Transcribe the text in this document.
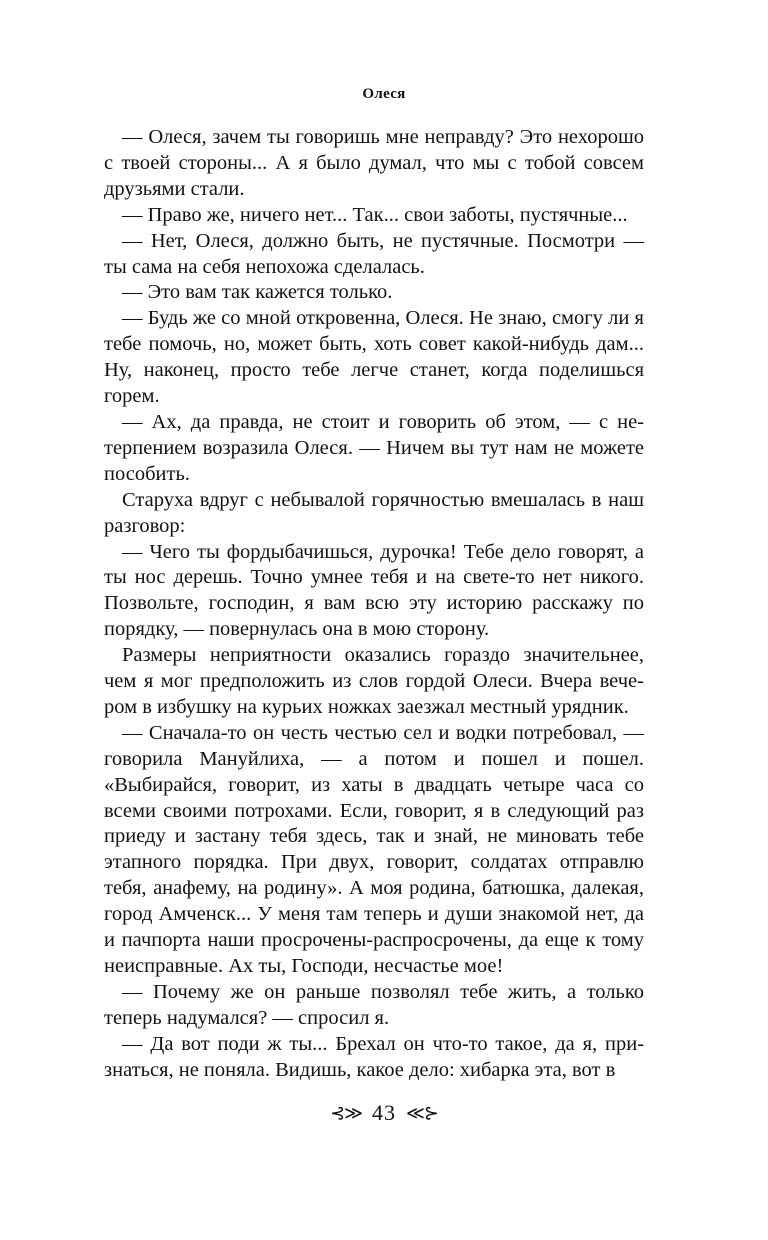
Олеся

— Олеся, зачем ты говоришь мне неправду? Это нехорошо с твоей стороны... А я было думал, что мы с тобой совсем друзьями стали.

— Право же, ничего нет... Так... свои заботы, пустячные...

— Нет, Олеся, должно быть, не пустячные. Посмотри — ты сама на себя непохожа сделалась.

— Это вам так кажется только.

— Будь же со мной откровенна, Олеся. Не знаю, смогу ли я тебе помочь, но, может быть, хоть совет какой-нибудь дам... Ну, наконец, просто тебе легче станет, когда поделишься горем.

— Ах, да правда, не стоит и говорить об этом, — с нетерпением возразила Олеся. — Ничем вы тут нам не можете пособить.

Старуха вдруг с небывалой горячностью вмешалась в наш разговор:

— Чего ты фордыбачишься, дурочка! Тебе дело говорят, а ты нос дерешь. Точно умнее тебя и на свете-то нет никого. Позвольте, господин, я вам всю эту историю расскажу по порядку, — повернулась она в мою сторону.

Размеры неприятности оказались гораздо значительнее, чем я мог предположить из слов гордой Олеси. Вчера вечером в избушку на курьих ножках заезжал местный урядник.

— Сначала-то он честь честью сел и водки потребовал, — говорила Мануйлиха, — а потом и пошел и пошел. «Выбирайся, говорит, из хаты в двадцать четыре часа со всеми своими потрохами. Если, говорит, я в следующий раз приеду и застану тебя здесь, так и знай, не миновать тебе этапного порядка. При двух, говорит, солдатах отправлю тебя, анафему, на родину». А моя родина, батюшка, далекая, город Амченск... У меня там теперь и души знакомой нет, да и пачпорта наши просрочены-распросрочены, да еще к тому неисправные. Ах ты, Господи, несчастье мое!

— Почему же он раньше позволял тебе жить, а только теперь надумался? — спросил я.

— Да вот поди ж ты... Брехал он что-то такое, да я, признаться, не поняла. Видишь, какое дело: хибарка эта, вот в

⊰≫ 43 ≪⊱
